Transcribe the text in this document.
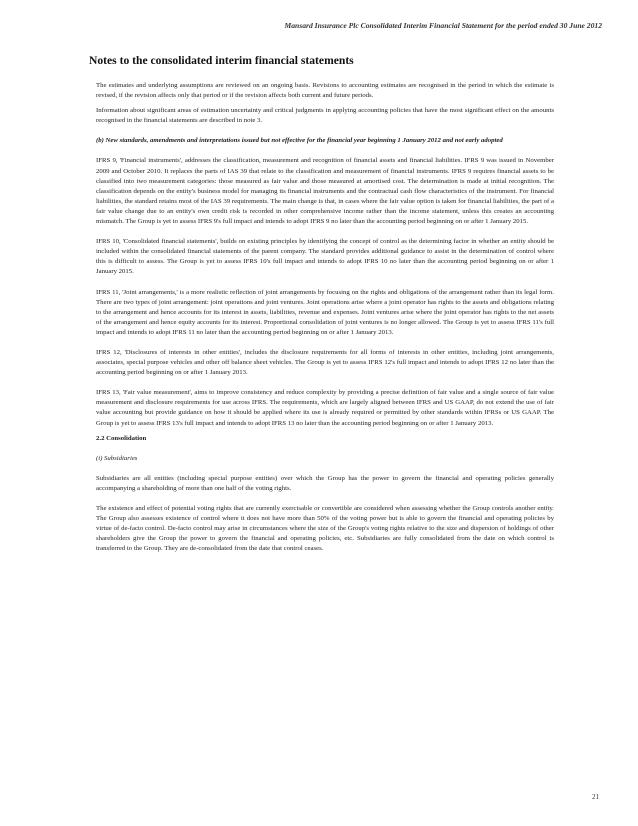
Mansard Insurance Plc Consolidated Interim Financial Statement for the period ended 30 June 2012
Notes to the consolidated interim financial statements

The estimates and underlying assumptions are reviewed on an ongoing basis. Revisions to accounting estimates are recognised in the period in which the estimate is revised, if the revision affects only that period or if the revision affects both current and future periods.

Information about significant areas of estimation uncertainty and critical judgments in applying accounting policies that have the most significant effect on the amounts recognised in the financial statements are described in note 3.

(b) New standards, amendments and interpretations issued but not effective for the financial year beginning 1 January 2012 and not early adopted

IFRS 9, 'Financial instruments', addresses the classification, measurement and recognition of financial assets and financial liabilities. IFRS 9 was issued in November 2009 and October 2010. It replaces the parts of IAS 39 that relate to the classification and measurement of financial instruments. IFRS 9 requires financial assets to be classified into two measurement categories: those measured as fair value and those measured at amortised cost. The determination is made at initial recognition. The classification depends on the entity's business model for managing its financial instruments and the contractual cash flow characteristics of the instrument. For financial liabilities, the standard retains most of the IAS 39 requirements. The main change is that, in cases where the fair value option is taken for financial liabilities, the part of a fair value change due to an entity's own credit risk is recorded in other comprehensive income rather than the income statement, unless this creates an accounting mismatch. The Group is yet to assess IFRS 9's full impact and intends to adopt IFRS 9 no later than the accounting period beginning on or after 1 January 2015.

IFRS 10, 'Consolidated financial statements', builds on existing principles by identifying the concept of control as the determining factor in whether an entity should be included within the consolidated financial statements of the parent company. The standard provides additional guidance to assist in the determination of control where this is difficult to assess. The Group is yet to assess IFRS 10's full impact and intends to adopt IFRS 10 no later than the accounting period beginning on or after 1 January 2015.

IFRS 11, 'Joint arrangements,' is a more realistic reflection of joint arrangements by focusing on the rights and obligations of the arrangement rather than its legal form. There are two types of joint arrangement: joint operations and joint ventures. Joint operations arise where a joint operator has rights to the assets and obligations relating to the arrangement and hence accounts for its interest in assets, liabilities, revenue and expenses. Joint ventures arise where the joint operator has rights to the net assets of the arrangement and hence equity accounts for its interest. Proportional consolidation of joint ventures is no longer allowed. The Group is yet to assess IFRS 11's full impact and intends to adopt IFRS 11 no later than the accounting period beginning on or after 1 January 2013.

IFRS 12, 'Disclosures of interests in other entities', includes the disclosure requirements for all forms of interests in other entities, including joint arrangements, associates, special purpose vehicles and other off balance sheet vehicles. The Group is yet to assess IFRS 12's full impact and intends to adopt IFRS 12 no later than the accounting period beginning on or after 1 January 2013.

IFRS 13, 'Fair value measurement', aims to improve consistency and reduce complexity by providing a precise definition of fair value and a single source of fair value measurement and disclosure requirements for use across IFRS. The requirements, which are largely aligned between IFRS and US GAAP, do not extend the use of fair value accounting but provide guidance on how it should be applied where its use is already required or permitted by other standards within IFRSs or US GAAP. The Group is yet to assess IFRS 13's full impact and intends to adopt IFRS 13 no later than the accounting period beginning on or after 1 January 2013.

2.2 Consolidation

(i) Subsidiaries

Subsidiaries are all entities (including special purpose entities) over which the Group has the power to govern the financial and operating policies generally accompanying a shareholding of more than one half of the voting rights.

The existence and effect of potential voting rights that are currently exercisable or convertible are considered when assessing whether the Group controls another entity. The Group also assesses existence of control where it does not have more than 50% of the voting power but is able to govern the financial and operating policies by virtue of de-facto control. De-facto control may arise in circumstances where the size of the Group's voting rights relative to the size and dispersion of holdings of other shareholders give the Group the power to govern the financial and operating policies, etc. Subsidiaries are fully consolidated from the date on which control is transferred to the Group. They are de-consolidated from the date that control ceases.

21
